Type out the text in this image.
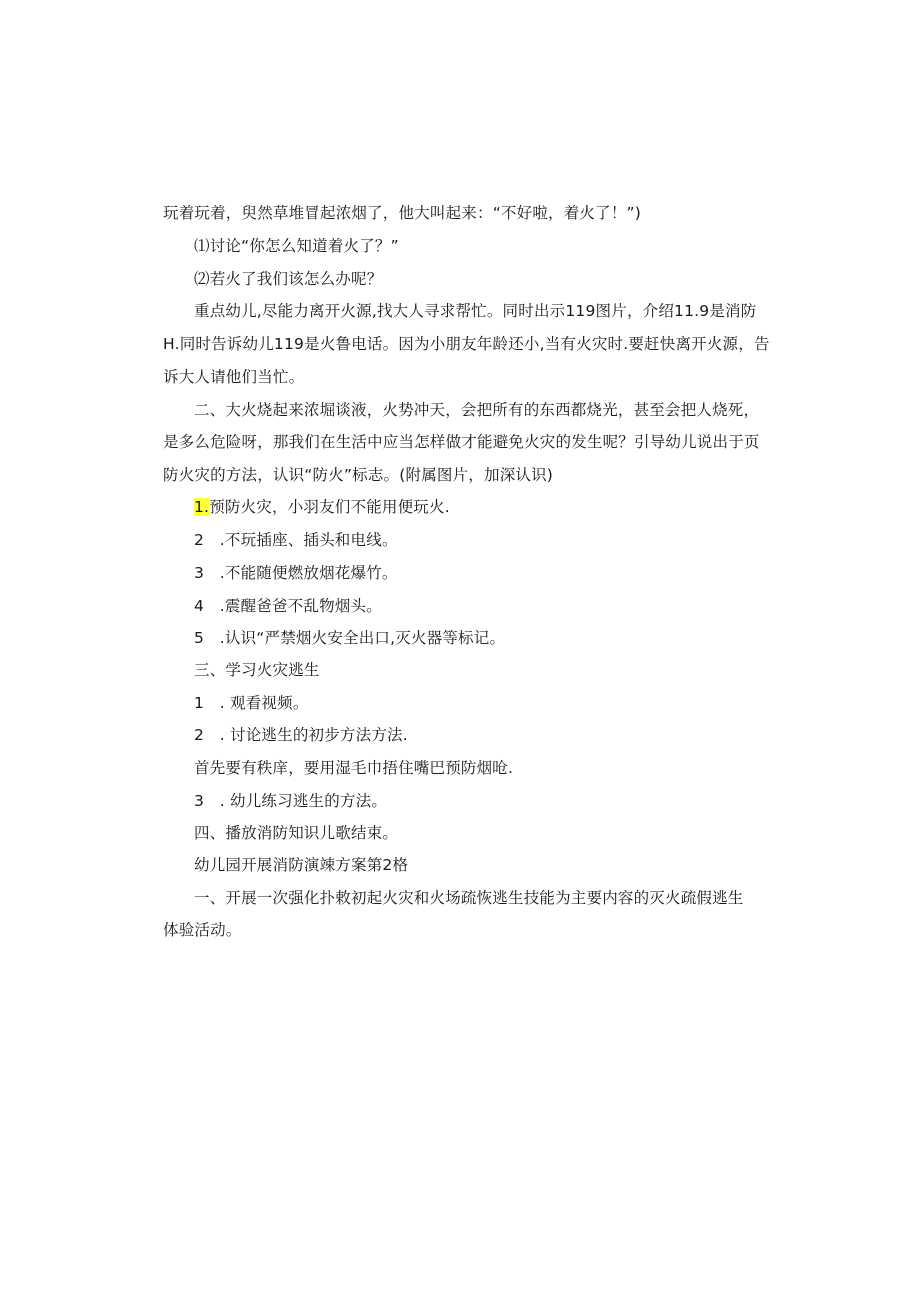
玩着玩着，臾然草堆冒起浓烟了，他大叫起来：“不好啦，着火了！”)
⑴讨论“你怎么知道着火了？”
⑵若火了我们该怎么办呢？
重点幼儿,尽能力离开火源,找大人寻求帮忙。同时出示119图片，介绍11.9是消防
H.同时告诉幼儿119是火鲁电话。因为小朋友年龄还小,当有火灾时.要赶快离开火源，告
诉大人请他们当忙。
二、大火烧起来浓堀谈液，火势冲天，会把所有的东西都烧光，甚至会把人烧死，
是多么危险呀，那我们在生活中应当怎样做才能避免火灾的发生呢？引导幼儿说出于页
防火灾的方法，认识“防火”标志。(附属图片，加深认识)
1.预防火灾，小羽友们不能用便玩火.
2　.不玩插座、插头和电线。
3　.不能随便燃放烟花爆竹。
4　.震醒爸爸不乱物烟头。
5　.认识“严禁烟火安全出口,灭火器等标记。
三、学习火灾逃生
1　. 观看视频。
2　. 讨论逃生的初步方法方法.
首先要有秩庠，要用湿毛巾捂住嘴巴预防烟呛.
3　. 幼儿练习逃生的方法。
四、播放消防知识儿歌结束。
幼儿园开展消防演竦方案第2格
一、开展一次强化扑敕初起火灾和火场疏恢逃生技能为主要内容的灭火疏假逃生
体验活动。
